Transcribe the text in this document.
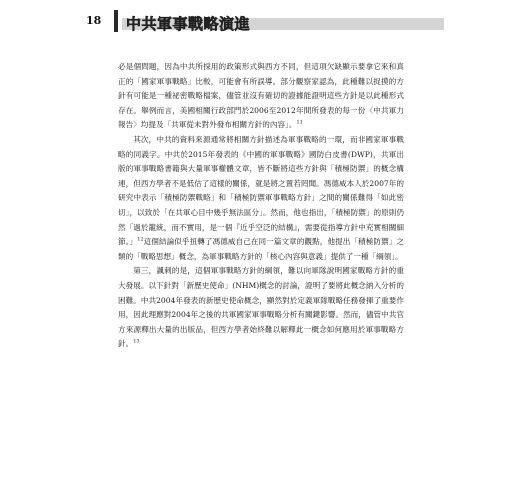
18 中共軍事戰略演進

必是個問題，因為中共所採用的政策形式與西方不同，但這項欠缺顯示要拿它來和真正的「國家軍事戰略」比較，可能會有所誤導。部分觀察家認為，此種難以捉摸的方針有可能是一種祕密戰略檔案，儘管並沒有確切的證據能證明這些方針是以此種形式存在。舉例而言，美國相關行政部門於2006至2012年間所發表的每一份〈中共軍力報告〉均提及「共軍從未對外發布相關方針的內容」。$^{11}$

其次，中共的資料來源通常將相關方針描述為軍事戰略的一環，而非國家軍事戰略的同義字。中共於2015年發表的《中國的軍事戰略》國防白皮書(DWP)，共軍出版的軍事戰略書籍與大量軍事權體文章，皆不斷將這些方針與「積極防禦」的概念構連，但西方學者不是低估了這樣的關係，就是將之置若罔聞。馮德威本人於2007年的研究中表示「積極防禦戰略」和「積極防禦軍事戰略方針」之間的關係難得「如此密切」，以致於「在共軍心目中幾乎無法區分」。然而，他也指出，「積極防禦」的原則仍然「過於籠統，而不實用，是一個『近乎空泛的結構』，需要從指導方針中充實相關細節。」$^{12}$這個結論似乎扭轉了馮德威自己在同一篇文章的觀點，他提出「積極防禦」之類的「戰略思想」概念，為軍事戰略方針的「核心內容與意義」提供了一種「綱領」。

第三，諷刺的是，這個軍事戰略方針的綱領，難以向軍隊說明國家戰略方針的重大發展。以下針對「新歷史使命」(NHM)概念的討論，證明了要將此概念納入分析的困難。中共2004年發表的新歷史使命概念，顯然對於定義軍隊戰略任務發揮了重要作用，因此理應對2004年之後的共軍國家軍事戰略分析有關鍵影響。然而，儘管中共官方來源釋出大量的出版品，但西方學者始終難以解釋此一概念如何應用於軍事戰略方針。$^{13}$
